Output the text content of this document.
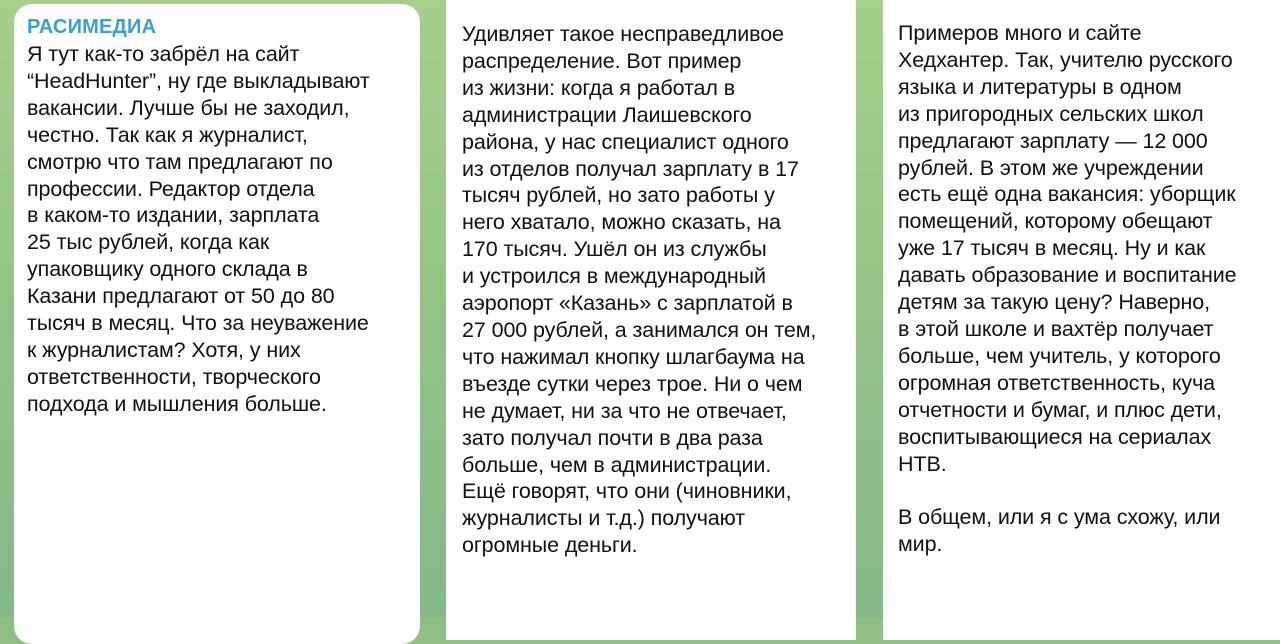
РАСИМЕДИА
Я тут как-то забрёл на сайт
“HeadHunter”, ну где выкладывают
вакансии. Лучше бы не заходил,
честно. Так как я журналист,
смотрю что там предлагают по
профессии. Редактор отдела
в каком-то издании, зарплата
25 тыс рублей, когда как
упаковщику одного склада в
Казани предлагают от 50 до 80
тысяч в месяц. Что за неуважение
к журналистам? Хотя, у них
ответственности, творческого
подхода и мышления больше.
Удивляет такое несправедливое
распределение. Вот пример
из жизни: когда я работал в
администрации Лаишевского
района, у нас специалист одного
из отделов получал зарплату в 17
тысяч рублей, но зато работы у
него хватало, можно сказать, на
170 тысяч. Ушёл он из службы
и устроился в международный
аэропорт «Казань» с зарплатой в
27 000 рублей, а занимался он тем,
что нажимал кнопку шлагбаума на
въезде сутки через трое. Ни о чем
не думает, ни за что не отвечает,
зато получал почти в два раза
больше, чем в администрации.
Ещё говорят, что они (чиновники,
журналисты и т.д.) получают
огромные деньги.
Примеров много и сайте
Хедхантер. Так, учителю русского
языка и литературы в одном
из пригородных сельских школ
предлагают зарплату — 12 000
рублей. В этом же учреждении
есть ещё одна вакансия: уборщик
помещений, которому обещают
уже 17 тысяч в месяц. Ну и как
давать образование и воспитание
детям за такую цену? Наверно,
в этой школе и вахтёр получает
больше, чем учитель, у которого
огромная ответственность, куча
отчетности и бумаг, и плюс дети,
воспитывающиеся на сериалах
НТВ.
В общем, или я с ума схожу, или
мир.
